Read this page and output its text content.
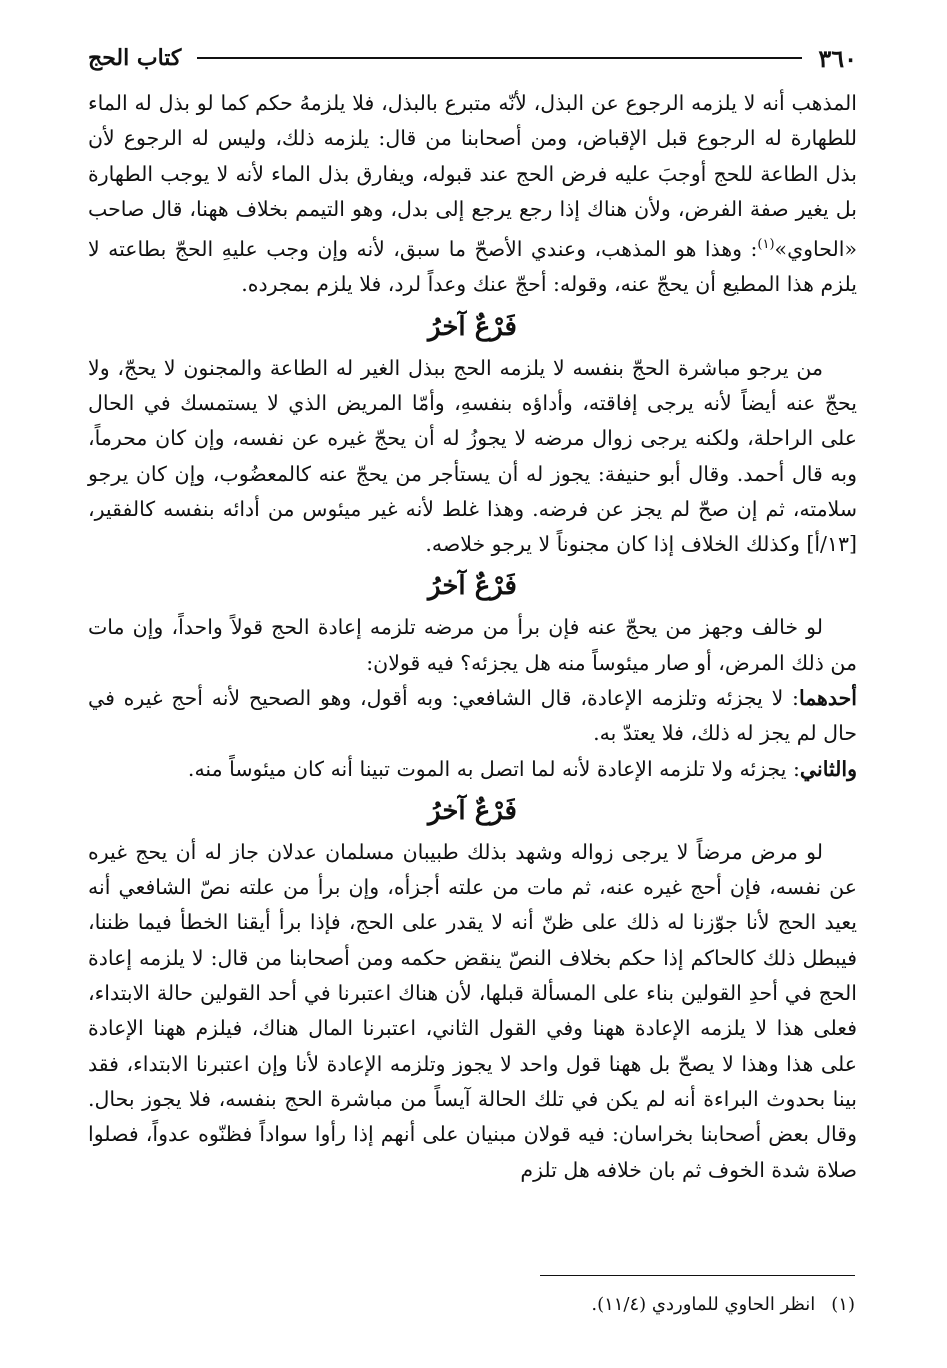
٣٦٠
كتاب الحج

المذهب أنه لا يلزمه الرجوع عن البذل، لأنّه متبرع بالبذل، فلا يلزمهُ حكم كما لو بذل له الماء للطهارة له الرجوع قبل الإقباض، ومن أصحابنا من قال: يلزمه ذلك، وليس له الرجوع لأن بذل الطاعة للحج أوجبَ عليه فرض الحج عند قبوله، ويفارق بذل الماء لأنه لا يوجب الطهارة بل يغير صفة الفرض، ولأن هناك إذا رجع يرجع إلى بدل، وهو التيمم بخلاف ههنا، قال صاحب «الحاوي»$^{(١)}$: وهذا هو المذهب، وعندي الأصحّ ما سبق، لأنه وإن وجب عليهِ الحجّ بطاعته لا يلزم هذا المطيع أن يحجّ عنه، وقوله: أحجّ عنك وعداً لرد، فلا يلزم بمجرده.

فَرْعٌ آخرُ

من يرجو مباشرة الحجّ بنفسه لا يلزمه الحج ببذل الغير له الطاعة والمجنون لا يحجّ، ولا يحجّ عنه أيضاً لأنه يرجى إفاقته، وأداؤه بنفسهِ، وأمّا المريض الذي لا يستمسك في الحال على الراحلة، ولكنه يرجى زوال مرضه لا يجوزُ له أن يحجّ غيره عن نفسه، وإن كان محرماً، وبه قال أحمد. وقال أبو حنيفة: يجوز له أن يستأجر من يحجّ عنه كالمعضُوب، وإن كان يرجو سلامته، ثم إن صحّ لم يجز عن فرضه. وهذا غلط لأنه غير ميئوس من أدائه بنفسه كالفقير، [١٣/أ] وكذلك الخلاف إذا كان مجنوناً لا يرجو خلاصه.

فَرْعٌ آخرُ

لو خالف وجهز من يحجّ عنه فإن برأ من مرضه تلزمه إعادة الحج قولاً واحداً، وإن مات من ذلك المرض، أو صار ميئوساً منه هل يجزئه؟ فيه قولان:

أحدهما: لا يجزئه وتلزمه الإعادة، قال الشافعي: وبه أقول، وهو الصحيح لأنه أحج غيره في حال لم يجز له ذلك، فلا يعتدّ به.

والثاني: يجزئه ولا تلزمه الإعادة لأنه لما اتصل به الموت تبينا أنه كان ميئوساً منه.

فَرْعٌ آخرُ

لو مرض مرضاً لا يرجى زواله وشهد بذلك طبيبان مسلمان عدلان جاز له أن يحج غيره عن نفسه، فإن أحج غيره عنه، ثم مات من علته أجزأه، وإن برأ من علته نصّ الشافعي أنه يعيد الحج لأنا جوّزنا له ذلك على ظنّ أنه لا يقدر على الحج، فإذا برأ أيقنا الخطأ فيما ظننا، فيبطل ذلك كالحاكم إذا حكم بخلاف النصّ ينقض حكمه ومن أصحابنا من قال: لا يلزمه إعادة الحج في أحدِ القولين بناء على المسألة قبلها، لأن هناك اعتبرنا في أحد القولين حالة الابتداء، فعلى هذا لا يلزمه الإعادة ههنا وفي القول الثاني، اعتبرنا المال هناك، فيلزم ههنا الإعادة على هذا وهذا لا يصحّ بل ههنا قول واحد لا يجوز وتلزمه الإعادة لأنا وإن اعتبرنا الابتداء، فقد بينا بحدوث البراءة أنه لم يكن في تلك الحالة آيساً من مباشرة الحج بنفسه، فلا يجوز بحال. وقال بعض أصحابنا بخراسان: فيه قولان مبنيان على أنهم إذا رأوا سواداً فظنّوه عدواً، فصلوا صلاة شدة الخوف ثم بان خلافه هل تلزم

(١)انظر الحاوي للماوردي (١١/٤).
